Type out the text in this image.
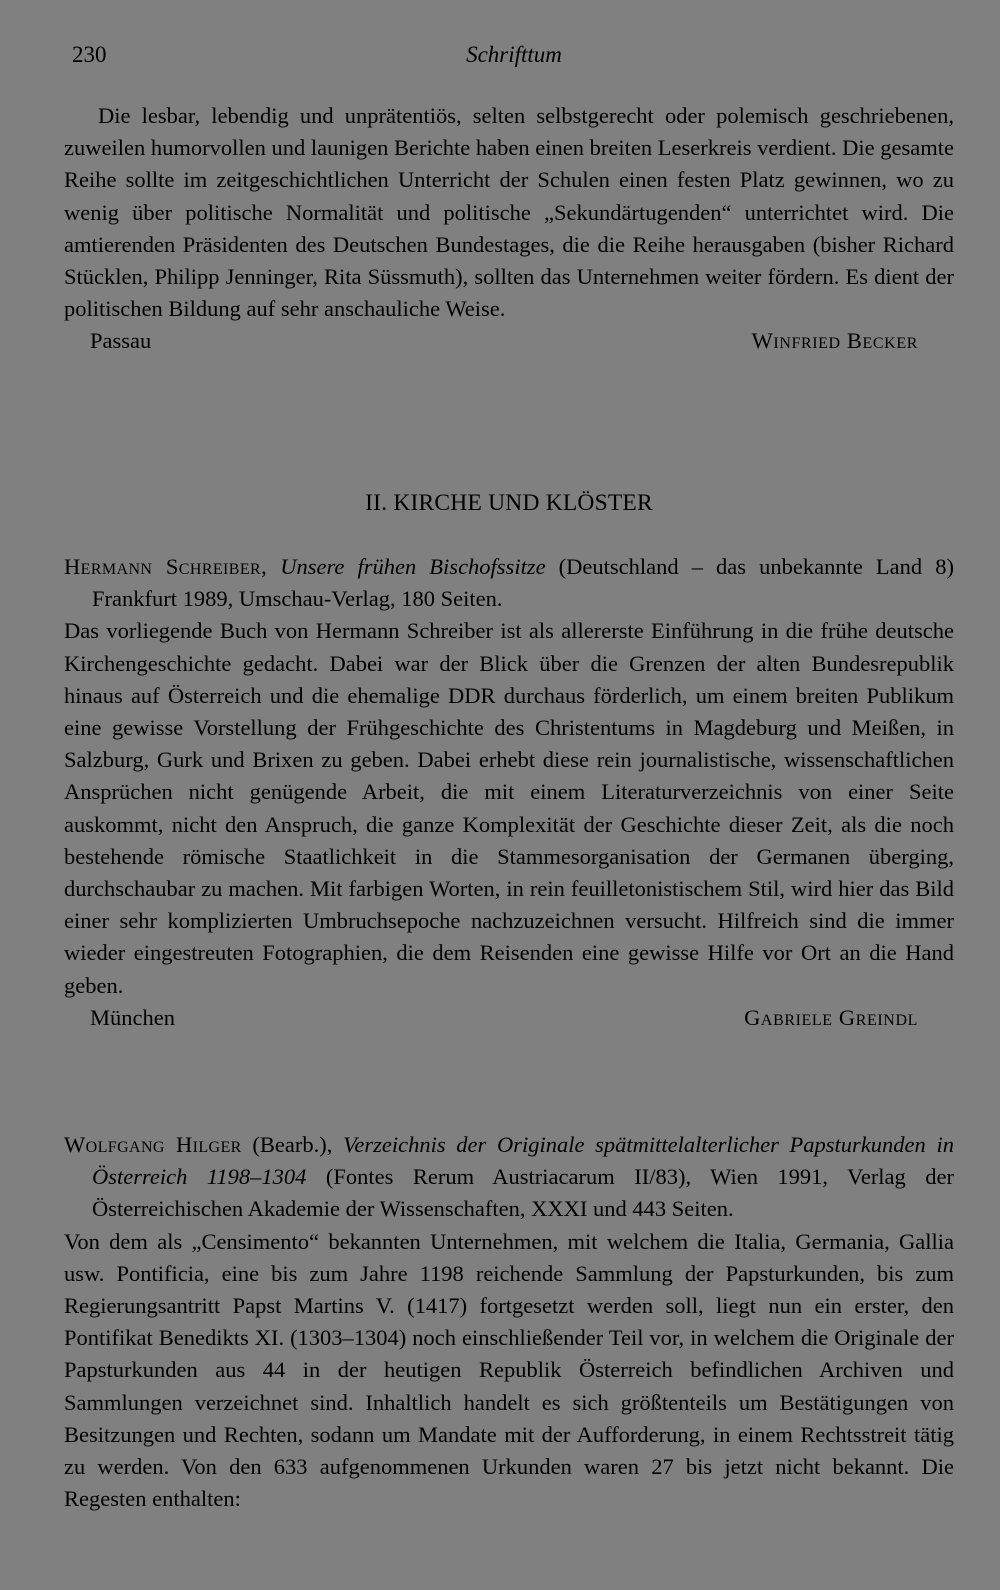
230	Schrifttum

Die lesbar, lebendig und unprätentiös, selten selbstgerecht oder polemisch geschriebenen, zuweilen humorvollen und launigen Berichte haben einen breiten Leserkreis verdient. Die gesamte Reihe sollte im zeitgeschichtlichen Unterricht der Schulen einen festen Platz gewinnen, wo zu wenig über politische Normalität und politische „Sekundärtugenden“ unterrichtet wird. Die amtierenden Präsidenten des Deutschen Bundestages, die die Reihe herausgaben (bisher Richard Stücklen, Philipp Jenninger, Rita Süssmuth), sollten das Unternehmen weiter fördern. Es dient der politischen Bildung auf sehr anschauliche Weise.

Passau	Winfried Becker
II. KIRCHE UND KLÖSTER

Hermann Schreiber, Unsere frühen Bischofssitze (Deutschland – das unbekannte Land 8) Frankfurt 1989, Umschau-Verlag, 180 Seiten.

Das vorliegende Buch von Hermann Schreiber ist als allererste Einführung in die frühe deutsche Kirchengeschichte gedacht. Dabei war der Blick über die Grenzen der alten Bundesrepublik hinaus auf Österreich und die ehemalige DDR durchaus förderlich, um einem breiten Publikum eine gewisse Vorstellung der Frühgeschichte des Christentums in Magdeburg und Meißen, in Salzburg, Gurk und Brixen zu geben. Dabei erhebt diese rein journalistische, wissenschaftlichen Ansprüchen nicht genügende Arbeit, die mit einem Literaturverzeichnis von einer Seite auskommt, nicht den Anspruch, die ganze Komplexität der Geschichte dieser Zeit, als die noch bestehende römische Staatlichkeit in die Stammesorganisation der Germanen überging, durchschaubar zu machen. Mit farbigen Worten, in rein feuilletonistischem Stil, wird hier das Bild einer sehr komplizierten Umbruchsepoche nachzuzeichnen versucht. Hilfreich sind die immer wieder eingestreuten Fotographien, die dem Reisenden eine gewisse Hilfe vor Ort an die Hand geben.

München	Gabriele Greindl

Wolfgang Hilger (Bearb.), Verzeichnis der Originale spätmittelalterlicher Papsturkunden in Österreich 1198–1304 (Fontes Rerum Austriacarum II/83), Wien 1991, Verlag der Österreichischen Akademie der Wissenschaften, XXXI und 443 Seiten.

Von dem als „Censimento“ bekannten Unternehmen, mit welchem die Italia, Germania, Gallia usw. Pontificia, eine bis zum Jahre 1198 reichende Sammlung der Papsturkunden, bis zum Regierungsantritt Papst Martins V. (1417) fortgesetzt werden soll, liegt nun ein erster, den Pontifikat Benedikts XI. (1303–1304) noch einschließender Teil vor, in welchem die Originale der Papsturkunden aus 44 in der heutigen Republik Österreich befindlichen Archiven und Sammlungen verzeichnet sind. Inhaltlich handelt es sich größtenteils um Bestätigungen von Besitzungen und Rechten, sodann um Mandate mit der Aufforderung, in einem Rechtsstreit tätig zu werden. Von den 633 aufgenommenen Urkunden waren 27 bis jetzt nicht bekannt. Die Regesten enthalten:
